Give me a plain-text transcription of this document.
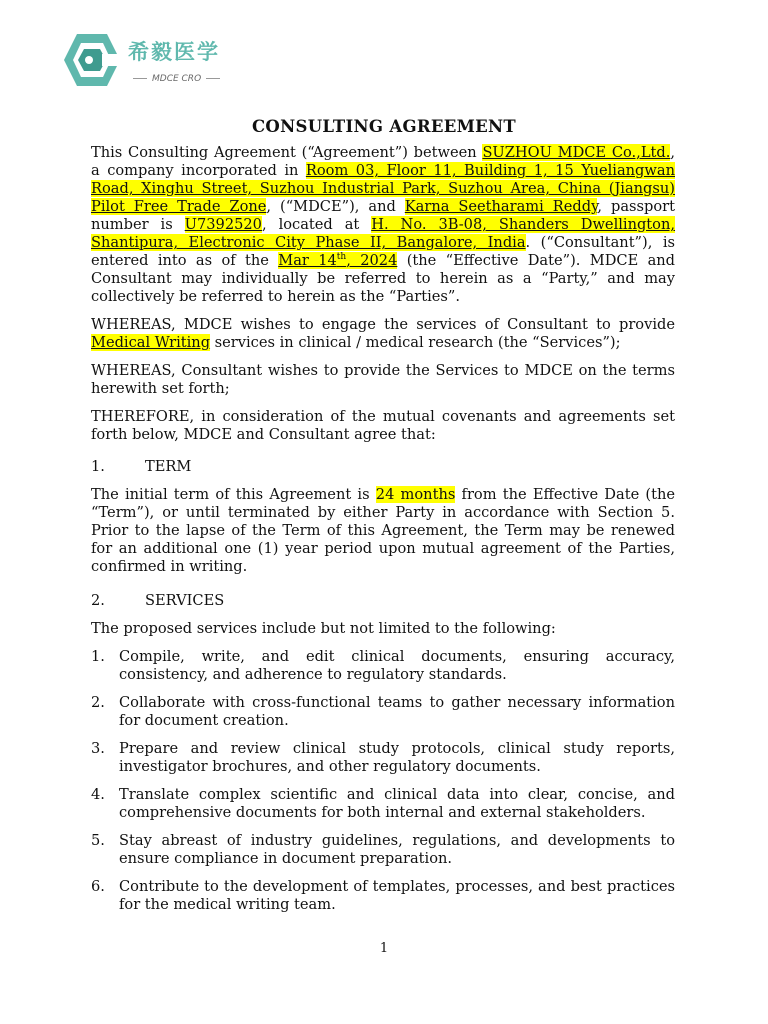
希毅医学
MDCE CRO
CONSULTING AGREEMENT

This Consulting Agreement (“Agreement”) between SUZHOU MDCE Co.,Ltd., a company incorporated in Room 03, Floor 11, Building 1, 15 Yueliangwan Road, Xinghu Street, Suzhou Industrial Park, Suzhou Area, China (Jiangsu) Pilot Free Trade Zone, (“MDCE”), and Karna Seetharami Reddy, passport number is U7392520, located at H. No. 3B-08, Shanders Dwellington, Shantipura, Electronic City Phase II, Bangalore, India. (“Consultant”), is entered into as of the Mar 14th, 2024 (the “Effective Date”). MDCE and Consultant may individually be referred to herein as a “Party,” and may collectively be referred to herein as the “Parties”.

WHEREAS, MDCE wishes to engage the services of Consultant to provide Medical Writing services in clinical / medical research (the “Services”);

WHEREAS, Consultant wishes to provide the Services to MDCE on the terms herewith set forth;

THEREFORE, in consideration of the mutual covenants and agreements set forth below, MDCE and Consultant agree that:

1.	TERM

The initial term of this Agreement is 24 months from the Effective Date (the “Term”), or until terminated by either Party in accordance with Section 5. Prior to the lapse of the Term of this Agreement, the Term may be renewed for an additional one (1) year period upon mutual agreement of the Parties, confirmed in writing.

2.	SERVICES

The proposed services include but not limited to the following:

1. Compile, write, and edit clinical documents, ensuring accuracy, consistency, and adherence to regulatory standards.
2. Collaborate with cross-functional teams to gather necessary information for document creation.
3. Prepare and review clinical study protocols, clinical study reports, investigator brochures, and other regulatory documents.
4. Translate complex scientific and clinical data into clear, concise, and comprehensive documents for both internal and external stakeholders.
5. Stay abreast of industry guidelines, regulations, and developments to ensure compliance in document preparation.
6. Contribute to the development of templates, processes, and best practices for the medical writing team.
1
